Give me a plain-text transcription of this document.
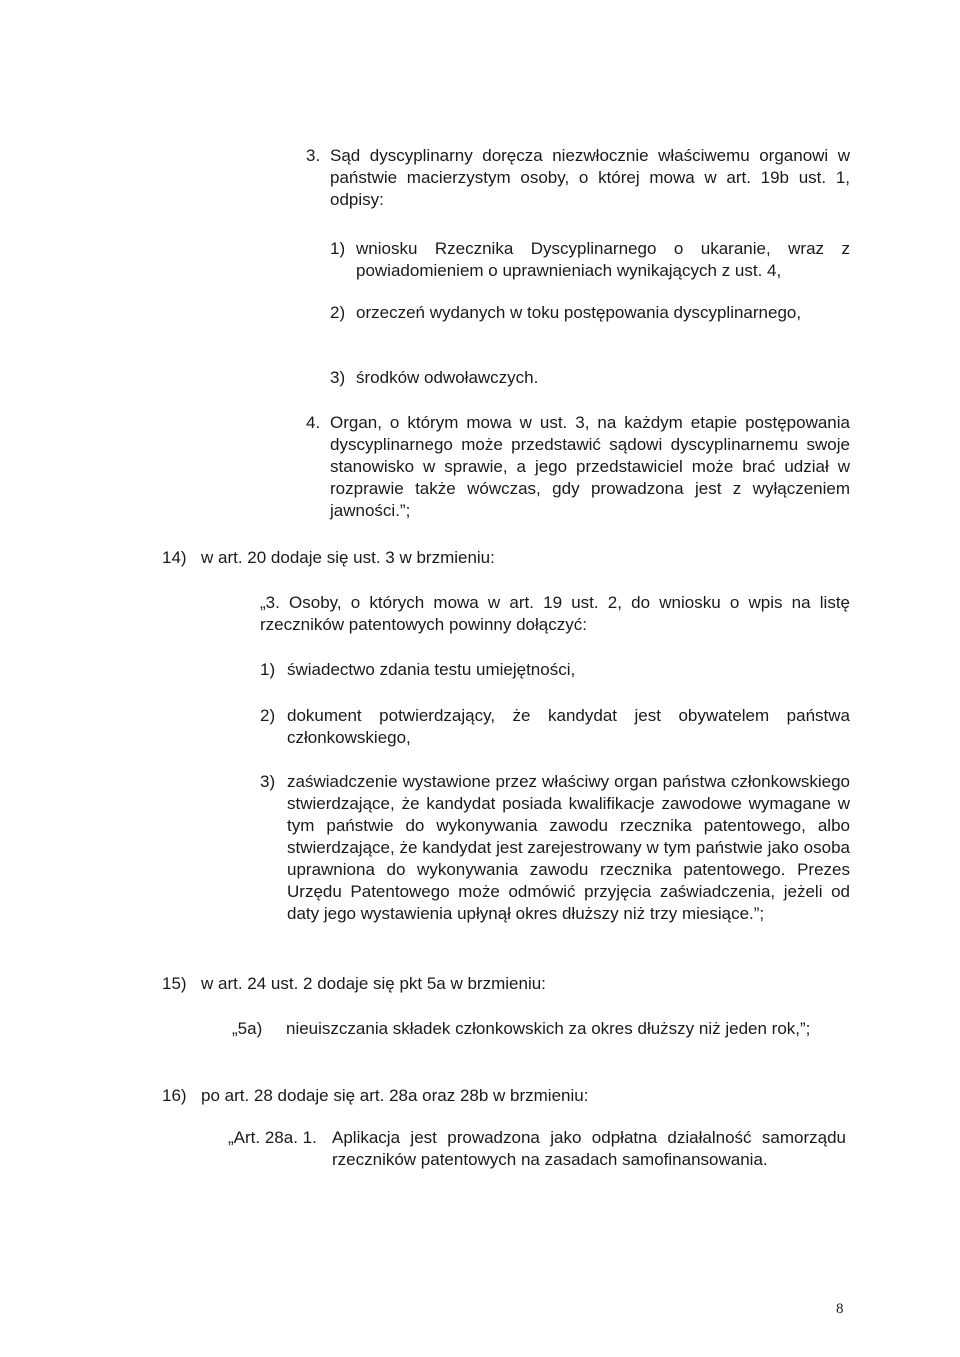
3. Sąd dyscyplinarny doręcza niezwłocznie właściwemu organowi w państwie macierzystym osoby, o której mowa w art. 19b ust. 1, odpisy:
1) wniosku Rzecznika Dyscyplinarnego o ukaranie, wraz z powiadomieniem o uprawnieniach wynikających z ust. 4,
2) orzeczeń wydanych w toku postępowania dyscyplinarnego,
3) środków odwoławczych.
4. Organ, o którym mowa w ust. 3, na każdym etapie postępowania dyscyplinarnego może przedstawić sądowi dyscyplinarnemu swoje stanowisko w sprawie, a jego przedstawiciel może brać udział w rozprawie także wówczas, gdy prowadzona jest z wyłączeniem jawności.”;
14) w art. 20 dodaje się ust. 3 w brzmieniu:
„3. Osoby, o których mowa w art. 19 ust. 2, do wniosku o wpis na listę rzeczników patentowych powinny dołączyć:
1) świadectwo zdania testu umiejętności,
2) dokument potwierdzający, że kandydat jest obywatelem państwa członkowskiego,
3) zaświadczenie wystawione przez właściwy organ państwa członkowskiego stwierdzające, że kandydat posiada kwalifikacje zawodowe wymagane w tym państwie do wykonywania zawodu rzecznika patentowego, albo stwierdzające, że kandydat jest zarejestrowany w tym państwie jako osoba uprawniona do wykonywania zawodu rzecznika patentowego. Prezes Urzędu Patentowego może odmówić przyjęcia zaświadczenia, jeżeli od daty jego wystawienia upłynął okres dłuższy niż trzy miesiące.”;
15) w art. 24 ust. 2 dodaje się pkt 5a w brzmieniu:
„5a) nieuiszczania składek członkowskich za okres dłuższy niż jeden rok,”;
16) po art. 28 dodaje się art. 28a oraz 28b w brzmieniu:
„Art. 28a. 1. Aplikacja jest prowadzona jako odpłatna działalność samorządu rzeczników patentowych na zasadach samofinansowania.
8
